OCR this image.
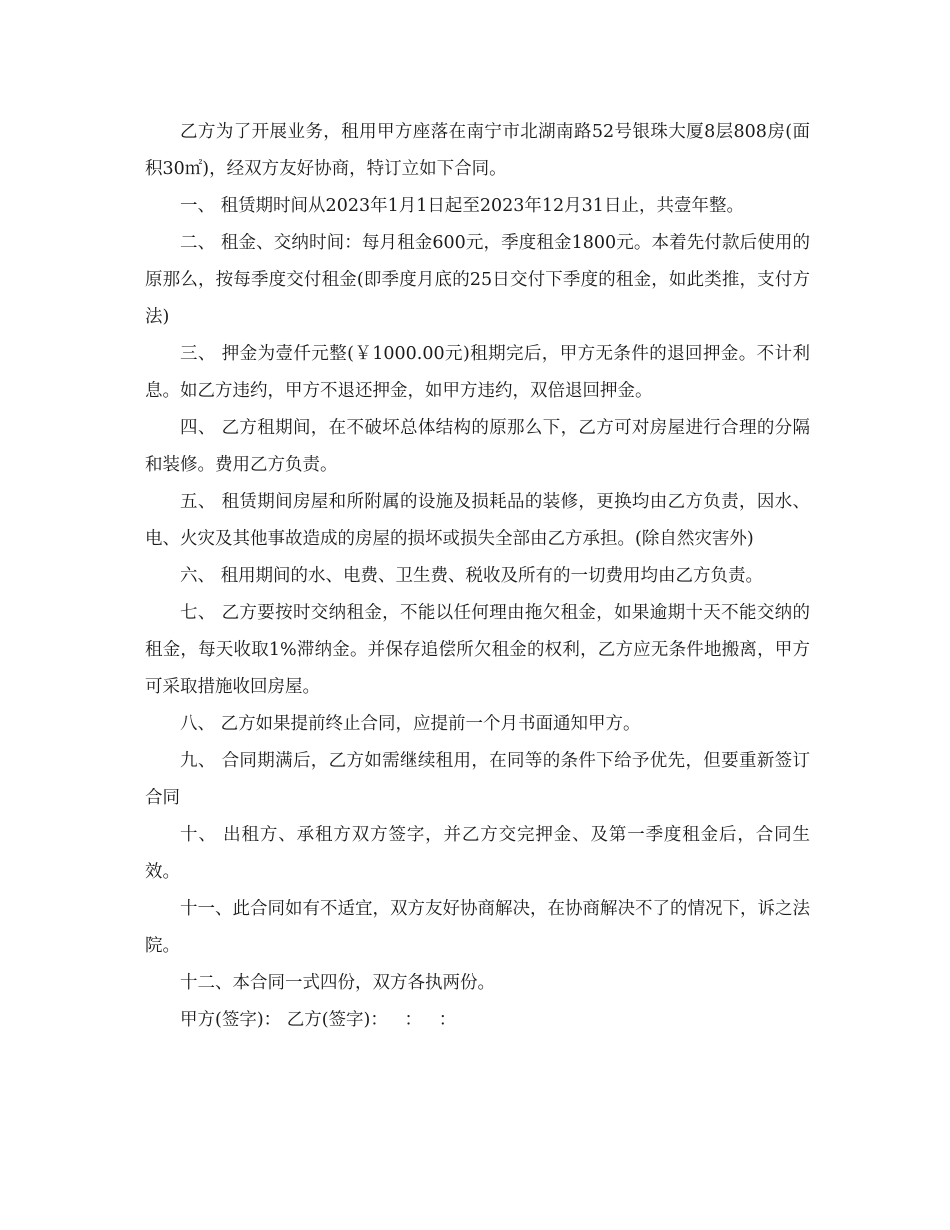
乙方为了开展业务，租用甲方座落在南宁市北湖南路52号银珠大厦8层808房(面积30㎡)，经双方友好协商，特订立如下合同。

一、 租赁期时间从2023年1月1日起至2023年12月31日止，共壹年整。

二、 租金、交纳时间：每月租金600元，季度租金1800元。本着先付款后使用的原那么，按每季度交付租金(即季度月底的25日交付下季度的租金，如此类推，支付方法)

三、 押金为壹仟元整(￥1000.00元)租期完后，甲方无条件的退回押金。不计利息。如乙方违约，甲方不退还押金，如甲方违约，双倍退回押金。

四、 乙方租期间，在不破坏总体结构的原那么下，乙方可对房屋进行合理的分隔和装修。费用乙方负责。

五、 租赁期间房屋和所附属的设施及损耗品的装修，更换均由乙方负责，因水、电、火灾及其他事故造成的房屋的损坏或损失全部由乙方承担。(除自然灾害外)

六、 租用期间的水、电费、卫生费、税收及所有的一切费用均由乙方负责。

七、 乙方要按时交纳租金，不能以任何理由拖欠租金，如果逾期十天不能交纳的租金，每天收取1%滞纳金。并保存追偿所欠租金的权利，乙方应无条件地搬离，甲方可采取措施收回房屋。

八、 乙方如果提前终止合同，应提前一个月书面通知甲方。

九、 合同期满后，乙方如需继续租用，在同等的条件下给予优先，但要重新签订合同

十、 出租方、承租方双方签字，并乙方交完押金、及第一季度租金后，合同生效。

十一、此合同如有不适宜，双方友好协商解决，在协商解决不了的情况下，诉之法院。

十二、本合同一式四份，双方各执两份。

甲方(签字)： 乙方(签字)：   ：   ：
